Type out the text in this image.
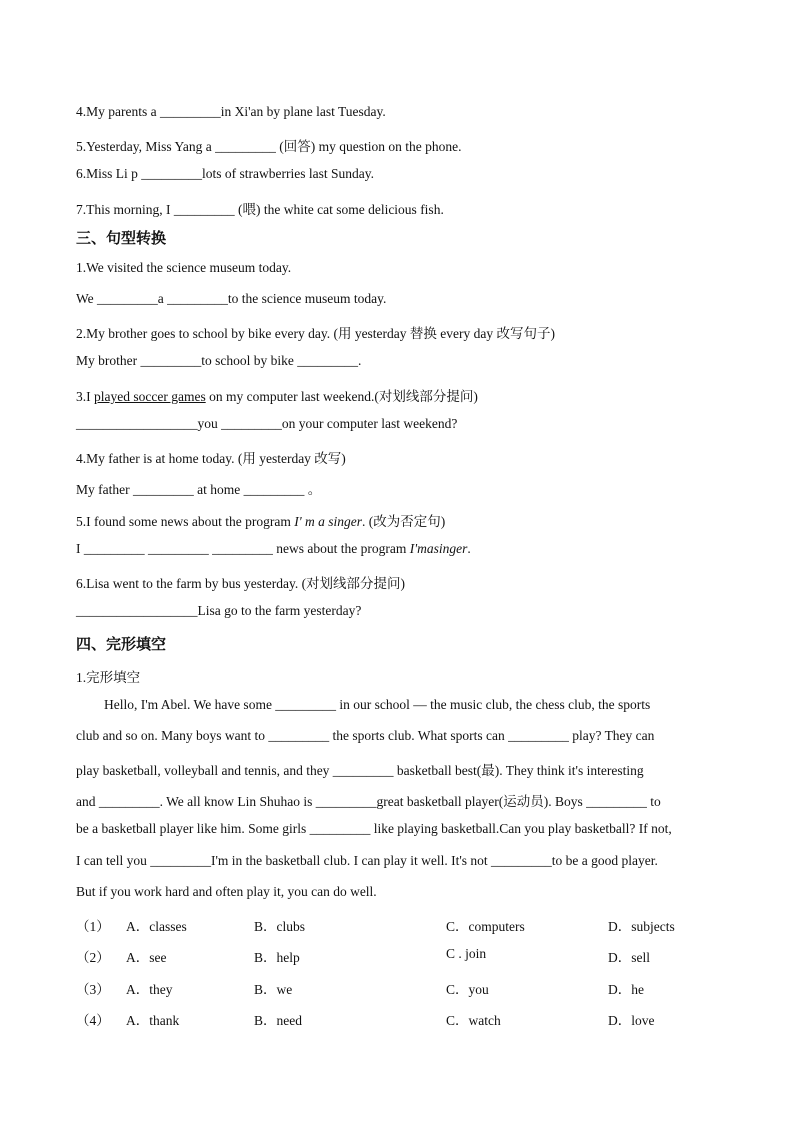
4.My parents a _________in Xi'an by plane last Tuesday.
5.Yesterday, Miss Yang a _________ (回答) my question on the phone.
6.Miss Li p _________lots of strawberries last Sunday.
7.This morning, I _________ (喂) the white cat some delicious fish.
三、句型转换
1.We visited the science museum today.
We _________a _________to the science museum today.
2.My brother goes to school by bike every day. (用 yesterday 替换 every day 改写句子)
My brother _________to school by bike _________.
3.I played soccer games on my computer last weekend.(对划线部分提问)
__________________you _________on your computer last weekend?
4.My father is at home today. (用 yesterday 改写)
My father _________ at home _________ 。
5.I found some news about the program I' m a singer. (改为否定句)
I _________ _________ _________ news about the program I'masinger.
6.Lisa went to the farm by bus yesterday. (对划线部分提问)
__________________Lisa go to the farm yesterday?
四、完形填空
1.完形填空
Hello, I'm Abel. We have some _________ in our school — the music club, the chess club, the sports
club and so on. Many boys want to _________ the sports club. What sports can _________ play? They can
play basketball, volleyball and tennis, and they _________ basketball best(最). They think it's interesting
and _________. We all know Lin Shuhao is _________great basketball player(运动员). Boys _________ to
be a basketball player like him. Some girls _________ like playing basketball.Can you play basketball? If not,
I can tell you _________I'm in the basketball club. I can play it well. It's not _________to be a good player.
But if you work hard and often play it, you can do well.
（1） A．classes	B．clubs	C．computers	D．subjects
（2） A．see	B．help	C . join	D．sell
（3） A．they	B．we	C．you	D．he
（4） A．thank	B．need	C．watch	D．love
